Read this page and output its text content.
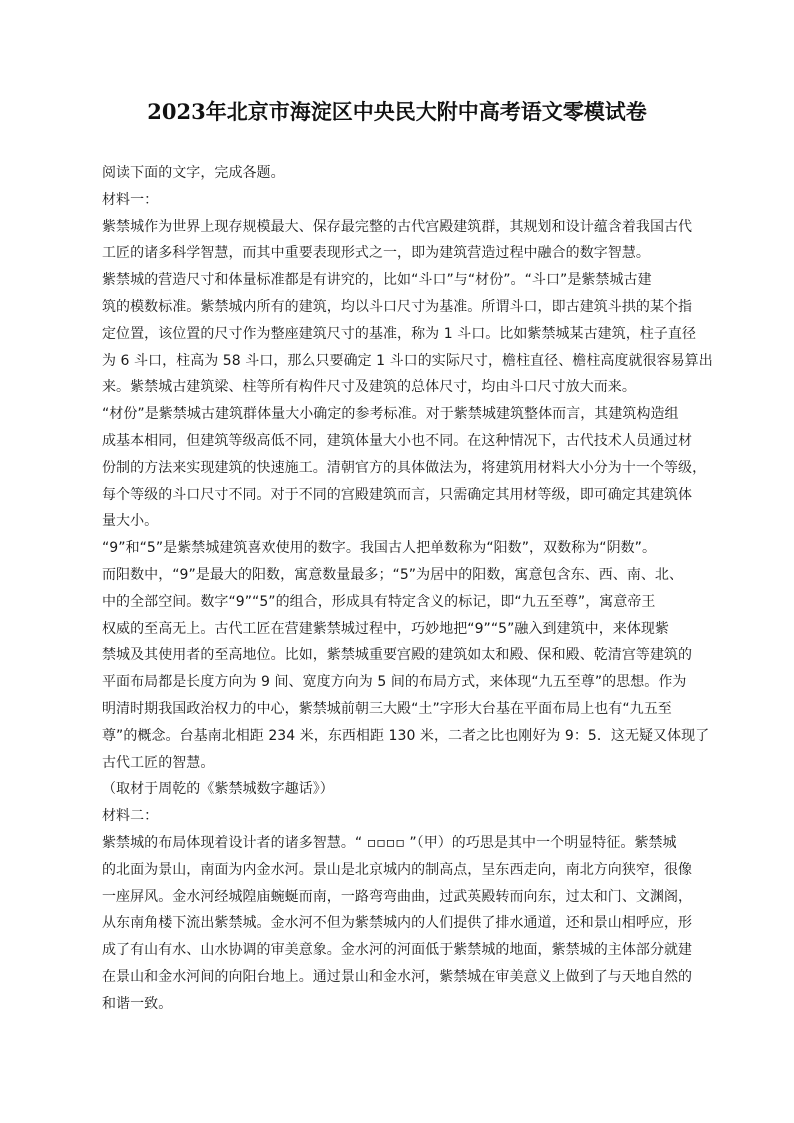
2023年北京市海淀区中央民大附中高考语文零模试卷
阅读下面的文字，完成各题。
材料一：
紫禁城作为世界上现存规模最大、保存最完整的古代宫殿建筑群，其规划和设计蕴含着我国古代
工匠的诸多科学智慧，而其中重要表现形式之一，即为建筑营造过程中融合的数字智慧。
紫禁城的营造尺寸和体量标准都是有讲究的，比如“斗口”与“材份”。“斗口”是紫禁城古建
筑的模数标准。紫禁城内所有的建筑，均以斗口尺寸为基准。所谓斗口，即古建筑斗拱的某个指
定位置，该位置的尺寸作为整座建筑尺寸的基准，称为 1 斗口。比如紫禁城某古建筑，柱子直径
为 6 斗口，柱高为 58 斗口，那么只要确定 1 斗口的实际尺寸，檐柱直径、檐柱高度就很容易算出
来。紫禁城古建筑梁、柱等所有构件尺寸及建筑的总体尺寸，均由斗口尺寸放大而来。
“材份”是紫禁城古建筑群体量大小确定的参考标准。对于紫禁城建筑整体而言，其建筑构造组
成基本相同，但建筑等级高低不同，建筑体量大小也不同。在这种情况下，古代技术人员通过材
份制的方法来实现建筑的快速施工。清朝官方的具体做法为，将建筑用材料大小分为十一个等级，
每个等级的斗口尺寸不同。对于不同的宫殿建筑而言，只需确定其用材等级，即可确定其建筑体
量大小。
“9”和“5”是紫禁城建筑喜欢使用的数字。我国古人把单数称为“阳数”，双数称为“阴数”。
而阳数中，“9”是最大的阳数，寓意数量最多；“5”为居中的阳数，寓意包含东、西、南、北、
中的全部空间。数字“9”“5”的组合，形成具有特定含义的标记，即“九五至尊”，寓意帝王
权威的至高无上。古代工匠在营建紫禁城过程中，巧妙地把“9”“5”融入到建筑中，来体现紫
禁城及其使用者的至高地位。比如，紫禁城重要宫殿的建筑如太和殿、保和殿、乾清宫等建筑的
平面布局都是长度方向为 9 间、宽度方向为 5 间的布局方式，来体现“九五至尊”的思想。作为
明清时期我国政治权力的中心，紫禁城前朝三大殿“土”字形大台基在平面布局上也有“九五至
尊”的概念。台基南北相距 234 米，东西相距 130 米，二者之比也刚好为 9：5．这无疑又体现了
古代工匠的智慧。
（取材于周乾的《紫禁城数字趣话》）
材料二：
紫禁城的布局体现着设计者的诸多智慧。“ ▫▫▫▫ ”（甲）的巧思是其中一个明显特征。紫禁城
的北面为景山，南面为内金水河。景山是北京城内的制高点，呈东西走向，南北方向狭窄，很像
一座屏风。金水河经城隍庙蜿蜒而南，一路弯弯曲曲，过武英殿转而向东，过太和门、文渊阁，
从东南角楼下流出紫禁城。金水河不但为紫禁城内的人们提供了排水通道，还和景山相呼应，形
成了有山有水、山水协调的审美意象。金水河的河面低于紫禁城的地面，紫禁城的主体部分就建
在景山和金水河间的向阳台地上。通过景山和金水河，紫禁城在审美意义上做到了与天地自然的
和谐一致。
